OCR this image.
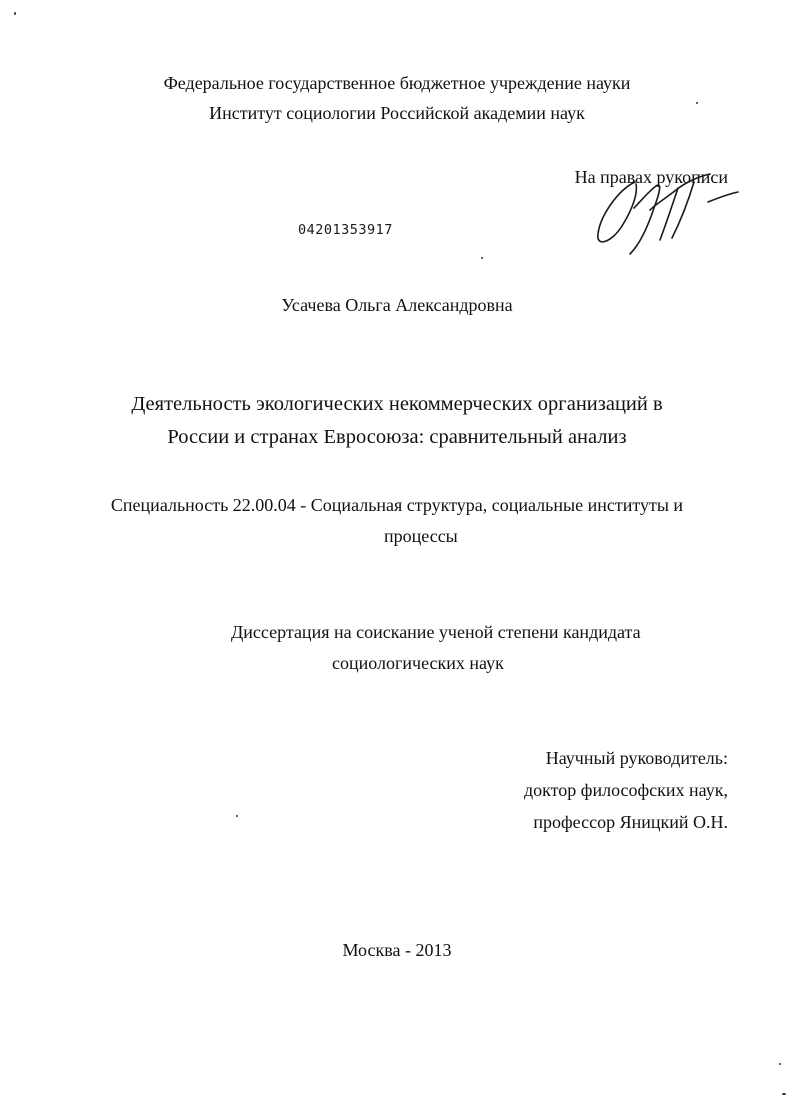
Федеральное государственное бюджетное учреждение науки
Институт социологии Российской академии наук
На правах рукописи
04201353917
Усачева Ольга Александровна
Деятельность экологических некоммерческих организаций в
России и странах Евросоюза: сравнительный анализ
Специальность 22.00.04 - Социальная структура, социальные институты и
процессы
Диссертация на соискание ученой степени кандидата
социологических наук
Научный руководитель:
доктор философских наук,
профессор Яницкий О.Н.
Москва - 2013
